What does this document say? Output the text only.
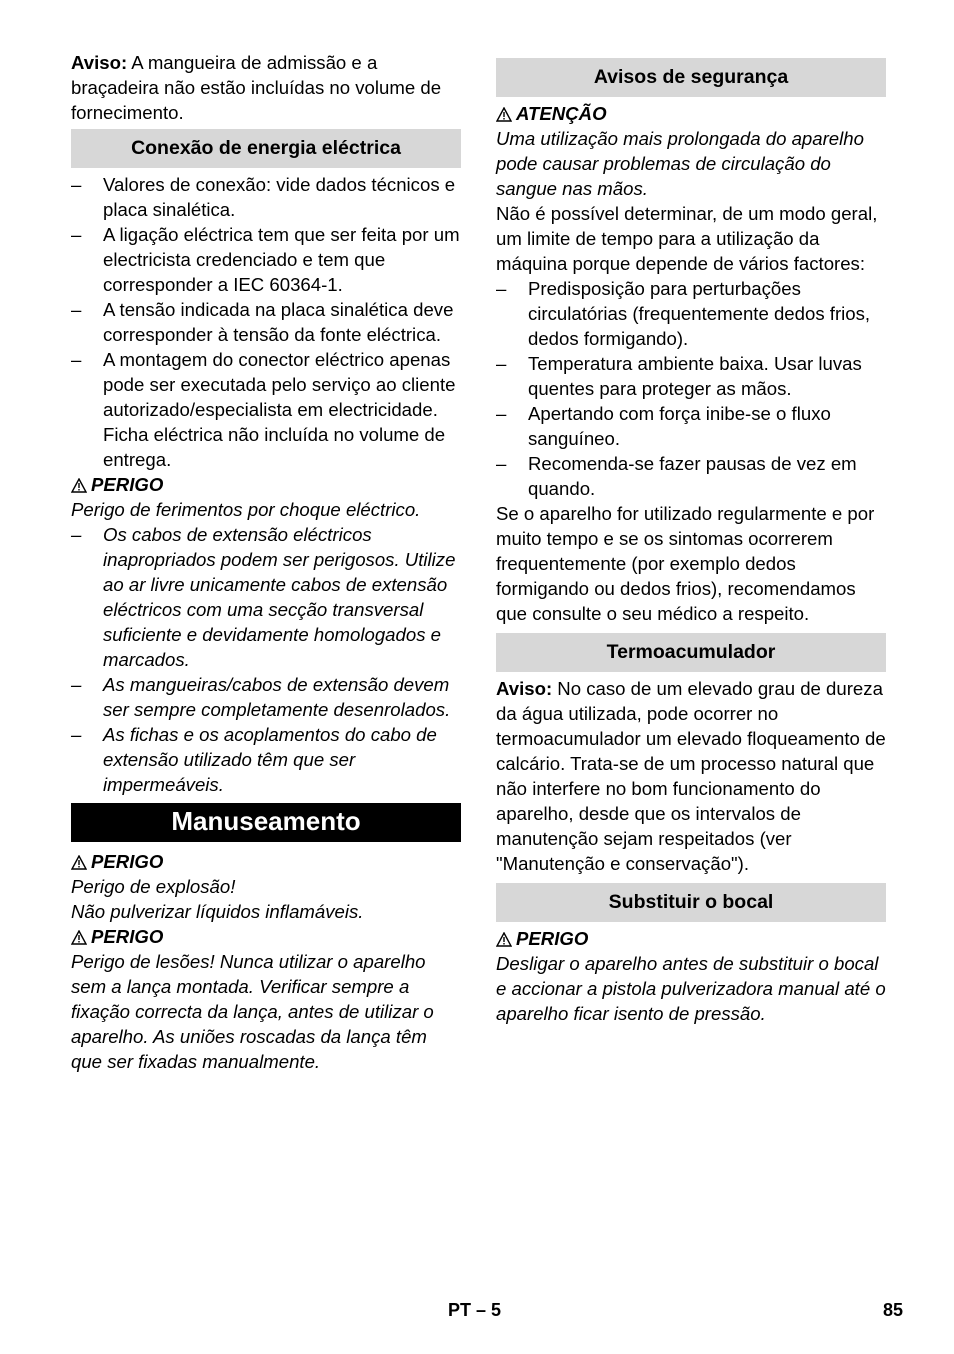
Aviso: A mangueira de admissão e a braçadeira não estão incluídas no volume de fornecimento.

Conexão de energia eléctrica
– Valores de conexão: vide dados técnicos e placa sinalética.
– A ligação eléctrica tem que ser feita por um electricista credenciado e tem que corresponder a IEC 60364-1.
– A tensão indicada na placa sinalética deve corresponder à tensão da fonte eléctrica.
– A montagem do conector eléctrico apenas pode ser executada pelo serviço ao cliente autorizado/especialista em electricidade. Ficha eléctrica não incluída no volume de entrega.

PERIGO

Perigo de ferimentos por choque eléctrico.

– Os cabos de extensão eléctricos inapropriados podem ser perigosos. Utilize ao ar livre unicamente cabos de extensão eléctricos com uma secção transversal suficiente e devidamente homologados e marcados.
– As mangueiras/cabos de extensão devem ser sempre completamente desenrolados.
– As fichas e os acoplamentos do cabo de extensão utilizado têm que ser impermeáveis.
Manuseamento

PERIGO

Perigo de explosão!

Não pulverizar líquidos inflamáveis.

PERIGO

Perigo de lesões! Nunca utilizar o aparelho sem a lança montada. Verificar sempre a fixação correcta da lança, antes de utilizar o aparelho. As uniões roscadas da lança têm que ser fixadas manualmente.

Avisos de segurança

ATENÇÃO

Uma utilização mais prolongada do aparelho pode causar problemas de circulação do sangue nas mãos.

Não é possível determinar, de um modo geral, um limite de tempo para a utilização da máquina porque depende de vários factores:

– Predisposição para perturbações circulatórias (frequentemente dedos frios, dedos formigando).
– Temperatura ambiente baixa. Usar luvas quentes para proteger as mãos.
– Apertando com força inibe-se o fluxo sanguíneo.
– Recomenda-se fazer pausas de vez em quando.

Se o aparelho for utilizado regularmente e por muito tempo e se os sintomas ocorrerem frequentemente (por exemplo dedos formigando ou dedos frios), recomendamos que consulte o seu médico a respeito.

Termoacumulador

Aviso: No caso de um elevado grau de dureza da água utilizada, pode ocorrer no termoacumulador um elevado floqueamento de calcário. Trata-se de um processo natural que não interfere no bom funcionamento do aparelho, desde que os intervalos de manutenção sejam respeitados (ver "Manutenção e conservação").

Substituir o bocal

PERIGO

Desligar o aparelho antes de substituir o bocal e accionar a pistola pulverizadora manual até o aparelho ficar isento de pressão.

PT – 5	85
